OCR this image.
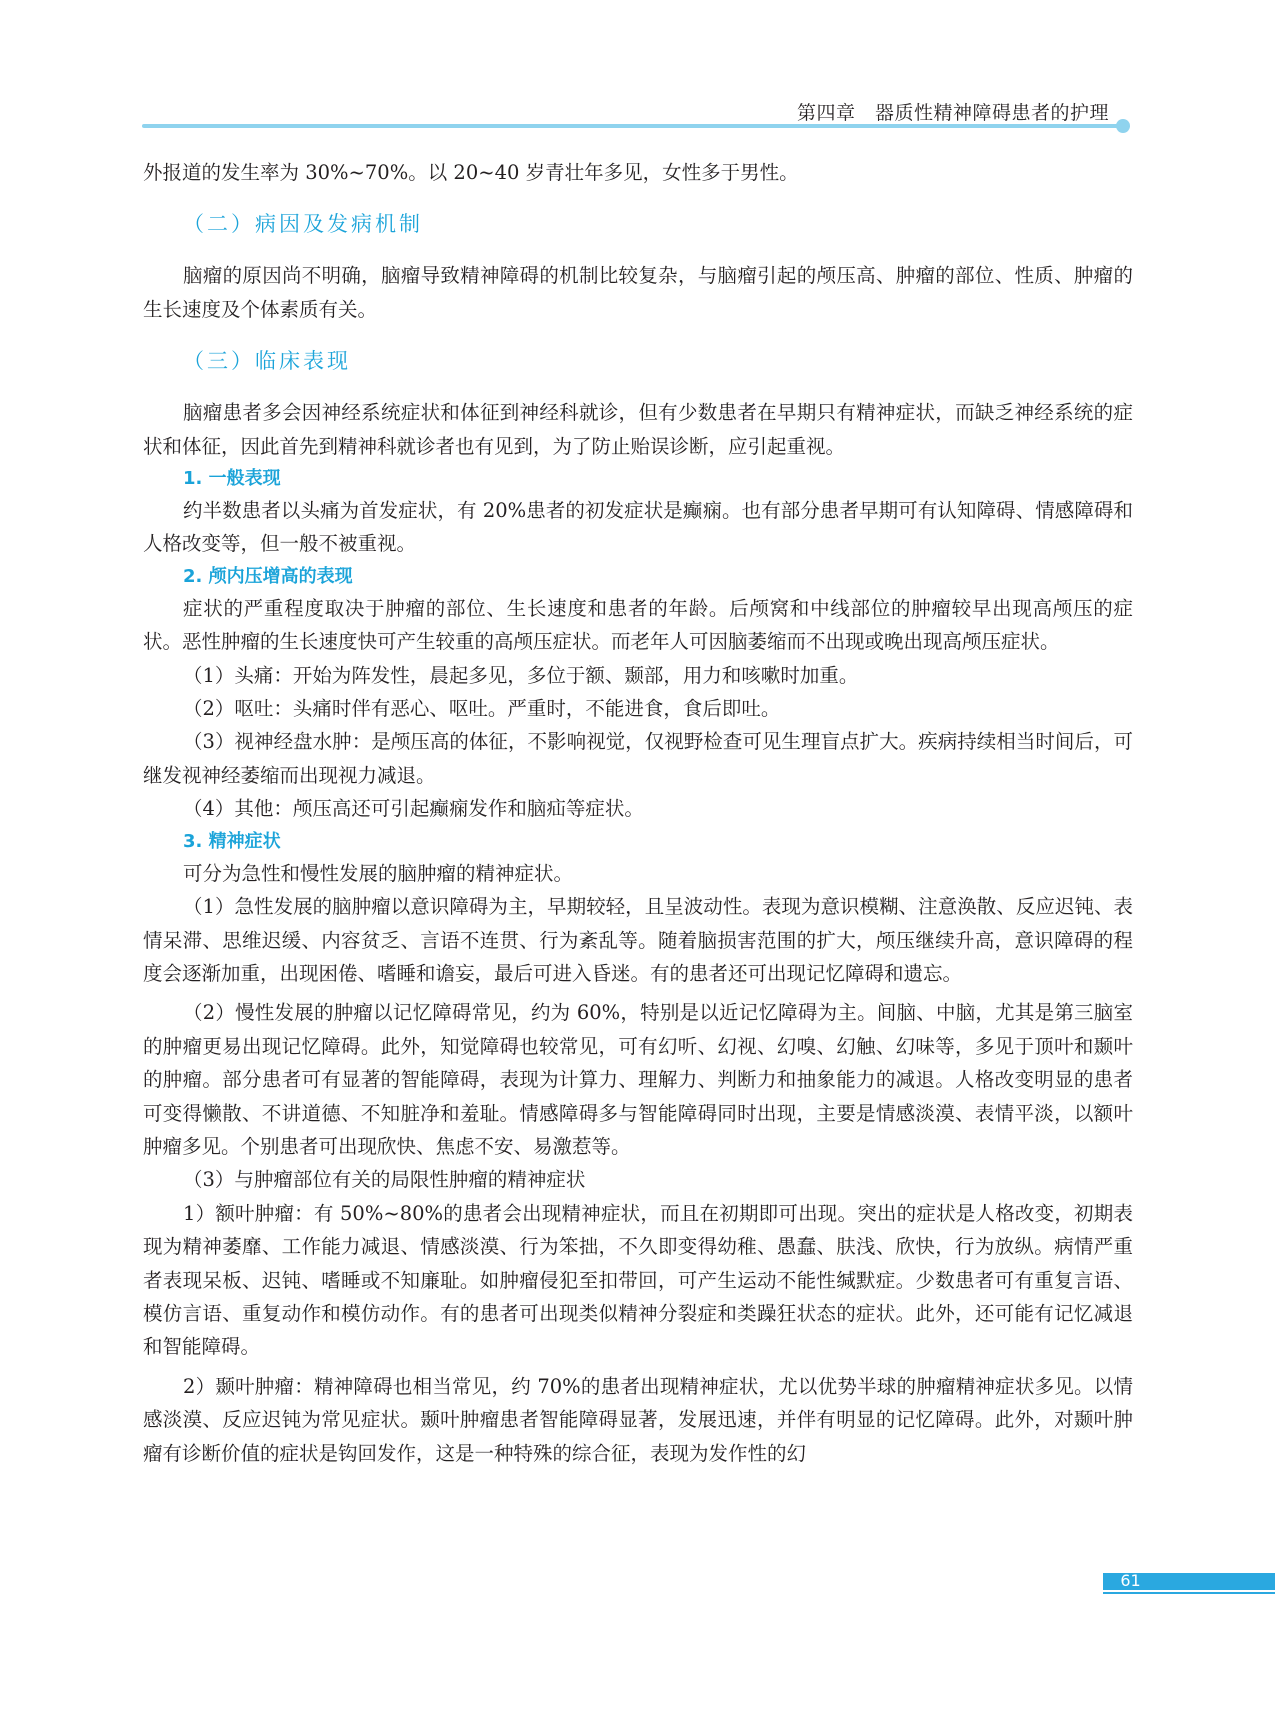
第四章　器质性精神障碍患者的护理

外报道的发生率为 30%~70%。以 20~40 岁青壮年多见，女性多于男性。

（二）病因及发病机制

脑瘤的原因尚不明确，脑瘤导致精神障碍的机制比较复杂，与脑瘤引起的颅压高、肿瘤的部位、性质、肿瘤的生长速度及个体素质有关。

（三）临床表现

脑瘤患者多会因神经系统症状和体征到神经科就诊，但有少数患者在早期只有精神症状，而缺乏神经系统的症状和体征，因此首先到精神科就诊者也有见到，为了防止贻误诊断，应引起重视。

1. 一般表现

约半数患者以头痛为首发症状，有 20%患者的初发症状是癫痫。也有部分患者早期可有认知障碍、情感障碍和人格改变等，但一般不被重视。

2. 颅内压增高的表现

症状的严重程度取决于肿瘤的部位、生长速度和患者的年龄。后颅窝和中线部位的肿瘤较早出现高颅压的症状。恶性肿瘤的生长速度快可产生较重的高颅压症状。而老年人可因脑萎缩而不出现或晚出现高颅压症状。

（1）头痛：开始为阵发性，晨起多见，多位于额、颞部，用力和咳嗽时加重。

（2）呕吐：头痛时伴有恶心、呕吐。严重时，不能进食，食后即吐。

（3）视神经盘水肿：是颅压高的体征，不影响视觉，仅视野检查可见生理盲点扩大。疾病持续相当时间后，可继发视神经萎缩而出现视力减退。

（4）其他：颅压高还可引起癫痫发作和脑疝等症状。

3. 精神症状

可分为急性和慢性发展的脑肿瘤的精神症状。

（1）急性发展的脑肿瘤以意识障碍为主，早期较轻，且呈波动性。表现为意识模糊、注意涣散、反应迟钝、表情呆滞、思维迟缓、内容贫乏、言语不连贯、行为紊乱等。随着脑损害范围的扩大，颅压继续升高，意识障碍的程度会逐渐加重，出现困倦、嗜睡和谵妄，最后可进入昏迷。有的患者还可出现记忆障碍和遗忘。

（2）慢性发展的肿瘤以记忆障碍常见，约为 60%，特别是以近记忆障碍为主。间脑、中脑，尤其是第三脑室的肿瘤更易出现记忆障碍。此外，知觉障碍也较常见，可有幻听、幻视、幻嗅、幻触、幻味等，多见于顶叶和颞叶的肿瘤。部分患者可有显著的智能障碍，表现为计算力、理解力、判断力和抽象能力的减退。人格改变明显的患者可变得懒散、不讲道德、不知脏净和羞耻。情感障碍多与智能障碍同时出现，主要是情感淡漠、表情平淡，以额叶肿瘤多见。个别患者可出现欣快、焦虑不安、易激惹等。

（3）与肿瘤部位有关的局限性肿瘤的精神症状

1）额叶肿瘤：有 50%~80%的患者会出现精神症状，而且在初期即可出现。突出的症状是人格改变，初期表现为精神萎靡、工作能力减退、情感淡漠、行为笨拙，不久即变得幼稚、愚蠢、肤浅、欣快，行为放纵。病情严重者表现呆板、迟钝、嗜睡或不知廉耻。如肿瘤侵犯至扣带回，可产生运动不能性缄默症。少数患者可有重复言语、模仿言语、重复动作和模仿动作。有的患者可出现类似精神分裂症和类躁狂状态的症状。此外，还可能有记忆减退和智能障碍。

2）颞叶肿瘤：精神障碍也相当常见，约 70%的患者出现精神症状，尤以优势半球的肿瘤精神症状多见。以情感淡漠、反应迟钝为常见症状。颞叶肿瘤患者智能障碍显著，发展迅速，并伴有明显的记忆障碍。此外，对颞叶肿瘤有诊断价值的症状是钩回发作，这是一种特殊的综合征，表现为发作性的幻

61
